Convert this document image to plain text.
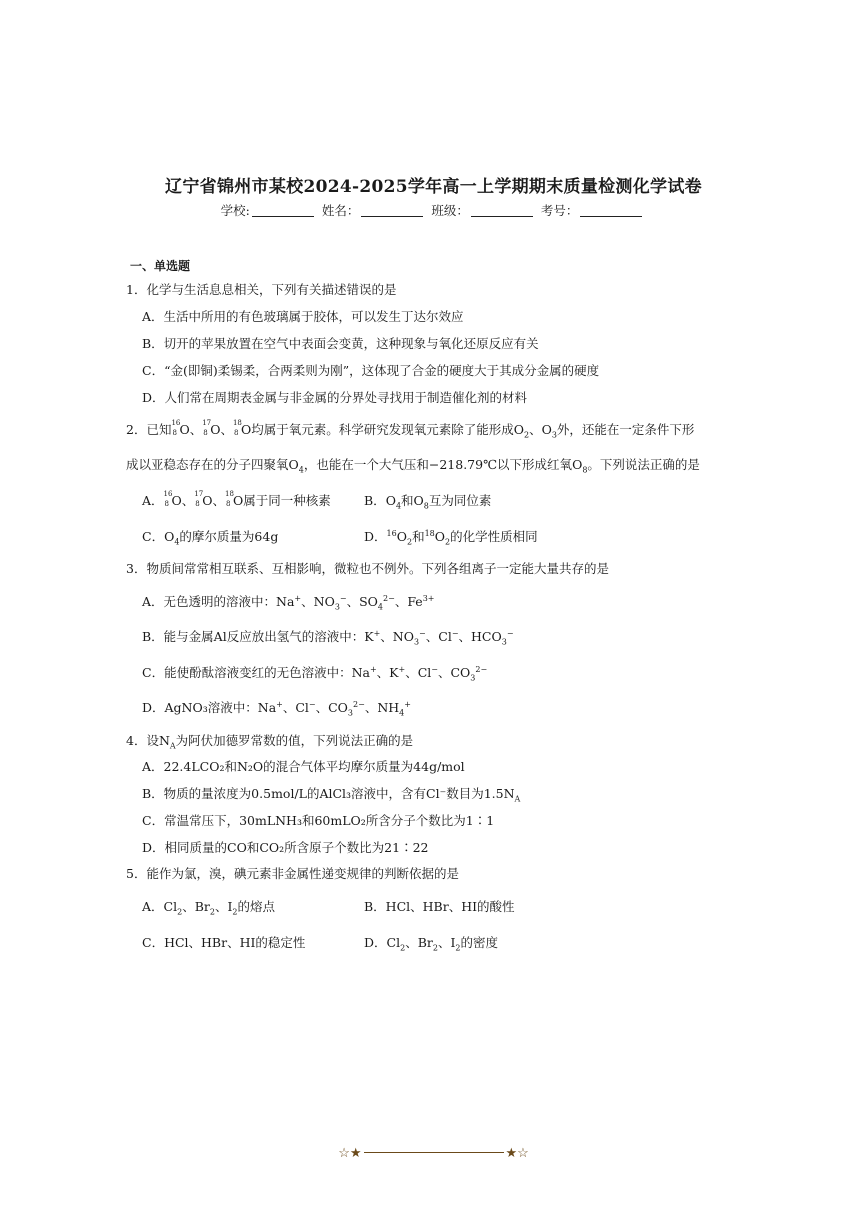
辽宁省锦州市某校2024-2025学年高一上学期期末质量检测化学试卷
学校:	姓名：	班级：	考号：
一、单选题
1．化学与生活息息相关，下列有关描述错误的是
A．生活中所用的有色玻璃属于胶体，可以发生丁达尔效应
B．切开的苹果放置在空气中表面会变黄，这种现象与氧化还原反应有关
C．“金(即铜)柔锡柔，合两柔则为刚”，这体现了合金的硬度大于其成分金属的硬度
D．人们常在周期表金属与非金属的分界处寻找用于制造催化剂的材料
2．已知 16
8 O、 17
8 O、 18
8 O均属于氧元素。科学研究发现氧元素除了能形成$O_2$、$O_3$外，还能在一定条件下形
成以亚稳态存在的分子四聚氧$O_4$，也能在一个大气压和−218.79℃以下形成红氧$O_8$。下列说法正确的是
A． 16
8 O、 17
8 O、 18
8 O属于同一种核素	B．$O_4$和$O_8$互为同位素
C．$O_4$的摩尔质量为64g	D．$^{16}O_2$和$^{18}O_2$的化学性质相同
3．物质间常常相互联系、互相影响，微粒也不例外。下列各组离子一定能大量共存的是
A．无色透明的溶液中：Na+、$NO_3^-$、$SO_4^{2-}$、$Fe^{3+}$
B．能与金属Al反应放出氢气的溶液中：K+、$NO_3^-$、Cl−、$HCO_3^-$
C．能使酚酞溶液变红的无色溶液中：Na+、K+、Cl−、$CO_3^{2-}$
D．AgNO₃溶液中：Na+、Cl−、$CO_3^{2-}$、$NH_4^+$
4．设$N_A$为阿伏加德罗常数的值，下列说法正确的是
A．22.4LCO₂和N₂O的混合气体平均摩尔质量为44g/mol
B．物质的量浓度为0.5mol/L的AlCl₃溶液中，含有Cl⁻数目为$1.5N_A$
C．常温常压下，30mLNH₃和60mLO₂所含分子个数比为1∶1
D．相同质量的CO和CO₂所含原子个数比为21∶22
5．能作为氯，溴，碘元素非金属性递变规律的判断依据的是
A．$Cl_2$、$Br_2$、$I_2$的熔点	B．HCl、HBr、HI的酸性
C．HCl、HBr、HI的稳定性	D．$Cl_2$、$Br_2$、$I_2$的密度
☆★	★☆
